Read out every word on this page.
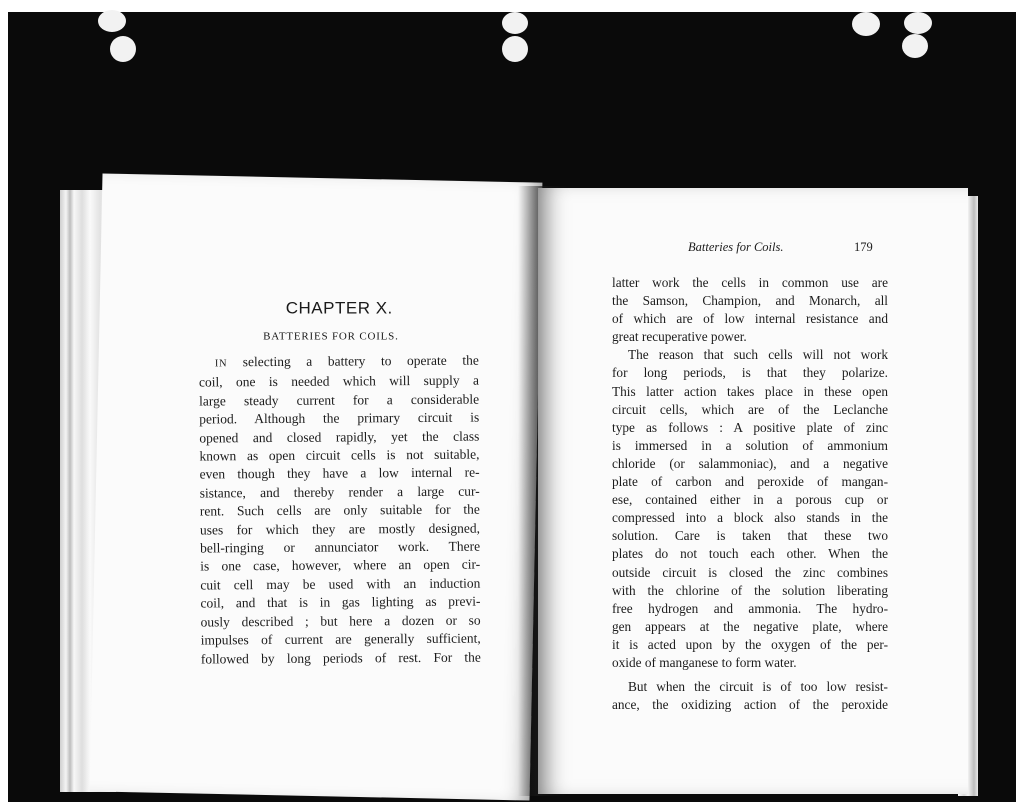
CHAPTER X.
BATTERIES FOR COILS.
IN selecting a battery to operate the
coil, one is needed which will supply a
large steady current for a considerable
period. Although the primary circuit is
opened and closed rapidly, yet the class
known as open circuit cells is not suitable,
even though they have a low internal re-
sistance, and thereby render a large cur-
rent. Such cells are only suitable for the
uses for which they are mostly designed,
bell-ringing or annunciator work. There
is one case, however, where an open cir-
cuit cell may be used with an induction
coil, and that is in gas lighting as previ-
ously described ; but here a dozen or so
impulses of current are generally sufficient,
followed by long periods of rest. For the
Batteries for Coils.	179
latter work the cells in common use are
the Samson, Champion, and Monarch, all
of which are of low internal resistance and
great recuperative power.
The reason that such cells will not work
for long periods, is that they polarize.
This latter action takes place in these open
circuit cells, which are of the Leclanche
type as follows : A positive plate of zinc
is immersed in a solution of ammonium
chloride (or salammoniac), and a negative
plate of carbon and peroxide of mangan-
ese, contained either in a porous cup or
compressed into a block also stands in the
solution. Care is taken that these two
plates do not touch each other. When the
outside circuit is closed the zinc combines
with the chlorine of the solution liberating
free hydrogen and ammonia. The hydro-
gen appears at the negative plate, where
it is acted upon by the oxygen of the per-
oxide of manganese to form water.
But when the circuit is of too low resist-
ance, the oxidizing action of the peroxide
